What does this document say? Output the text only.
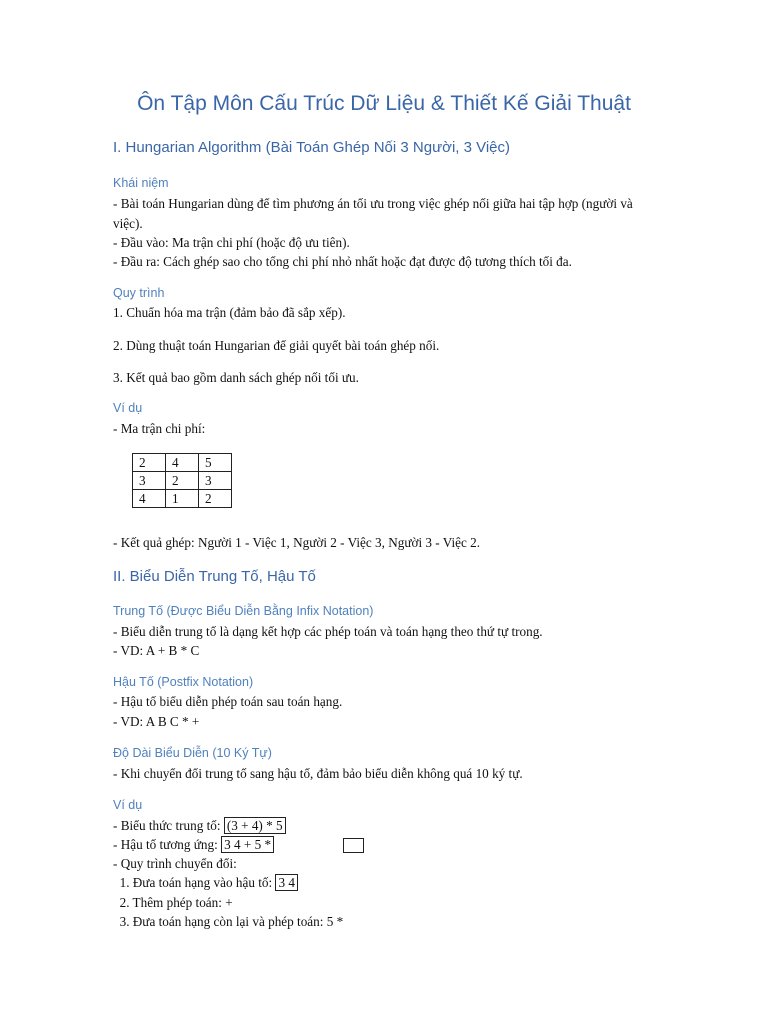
Ôn Tập Môn Cấu Trúc Dữ Liệu & Thiết Kế Giải Thuật
I. Hungarian Algorithm (Bài Toán Ghép Nối 3 Người, 3 Việc)
Khái niệm

- Bài toán Hungarian dùng để tìm phương án tối ưu trong việc ghép nối giữa hai tập hợp (người và việc).

- Đầu vào: Ma trận chi phí (hoặc độ ưu tiên).

- Đầu ra: Cách ghép sao cho tổng chi phí nhỏ nhất hoặc đạt được độ tương thích tối đa.

Quy trình

1. Chuẩn hóa ma trận (đảm bảo đã sắp xếp).

2. Dùng thuật toán Hungarian để giải quyết bài toán ghép nối.

3. Kết quả bao gồm danh sách ghép nối tối ưu.

Ví dụ

- Ma trận chi phí:

2	4	5
3	2	3
4	1	2

- Kết quả ghép: Người 1 - Việc 1, Người 2 - Việc 3, Người 3 - Việc 2.

II. Biểu Diễn Trung Tố, Hậu Tố
Trung Tố (Được Biểu Diễn Bằng Infix Notation)

- Biểu diễn trung tố là dạng kết hợp các phép toán và toán hạng theo thứ tự trong.

- VD: A + B * C

Hậu Tố (Postfix Notation)

- Hậu tố biểu diễn phép toán sau toán hạng.

- VD: A B C * +

Độ Dài Biểu Diễn (10 Ký Tự)

- Khi chuyển đổi trung tố sang hậu tố, đảm bảo biểu diễn không quá 10 ký tự.

Ví dụ

- Biểu thức trung tố: (3 + 4) * 5

- Hậu tố tương ứng: 3 4 + 5 *

- Quy trình chuyển đổi:

1. Đưa toán hạng vào hậu tố: 3 4

2. Thêm phép toán: +

3. Đưa toán hạng còn lại và phép toán: 5 *
